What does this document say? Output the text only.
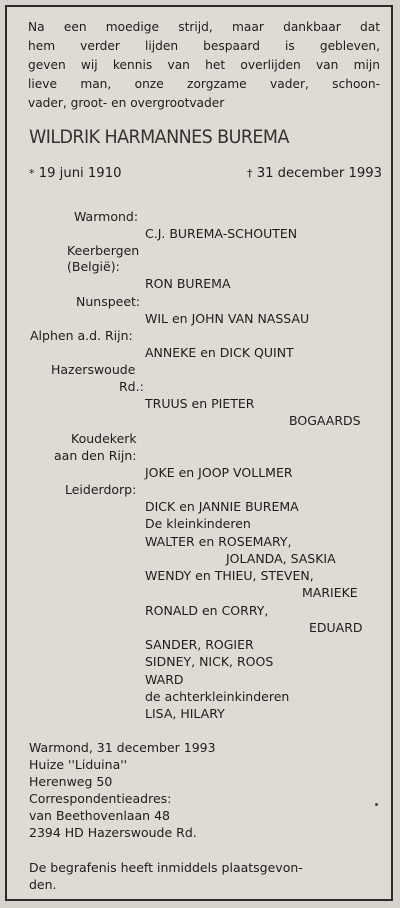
Na een moedige strijd, maar dankbaar dat
hem verder lijden bespaard is gebleven,
geven wij kennis van het overlijden van mijn
lieve man, onze zorgzame vader, schoon-
vader, groot- en overgrootvader

WILDRIK HARMANNES BUREMA
* 19 juni 1910	† 31 december 1993
Warmond:
C.J. BUREMA-SCHOUTEN
Keerbergen
(België):
RON BUREMA
Nunspeet:
WIL en JOHN VAN NASSAU
Alphen a.d. Rijn:
ANNEKE en DICK QUINT
Hazerswoude
Rd.:
TRUUS en PIETER
BOGAARDS
Koudekerk
aan den Rijn:
JOKE en JOOP VOLLMER
Leiderdorp:
DICK en JANNIE BUREMA
De kleinkinderen
WALTER en ROSEMARY,
JOLANDA, SASKIA
WENDY en THIEU, STEVEN,
MARIEKE
RONALD en CORRY,
EDUARD
SANDER, ROGIER
SIDNEY, NICK, ROOS
WARD
de achterkleinkinderen
LISA, HILARY
Warmond, 31 december 1993
Huize ''Liduina''
Herenweg 50
Correspondentieadres:
van Beethovenlaan 48
2394 HD Hazerswoude Rd.
De begrafenis heeft inmiddels plaatsgevon-
den.
